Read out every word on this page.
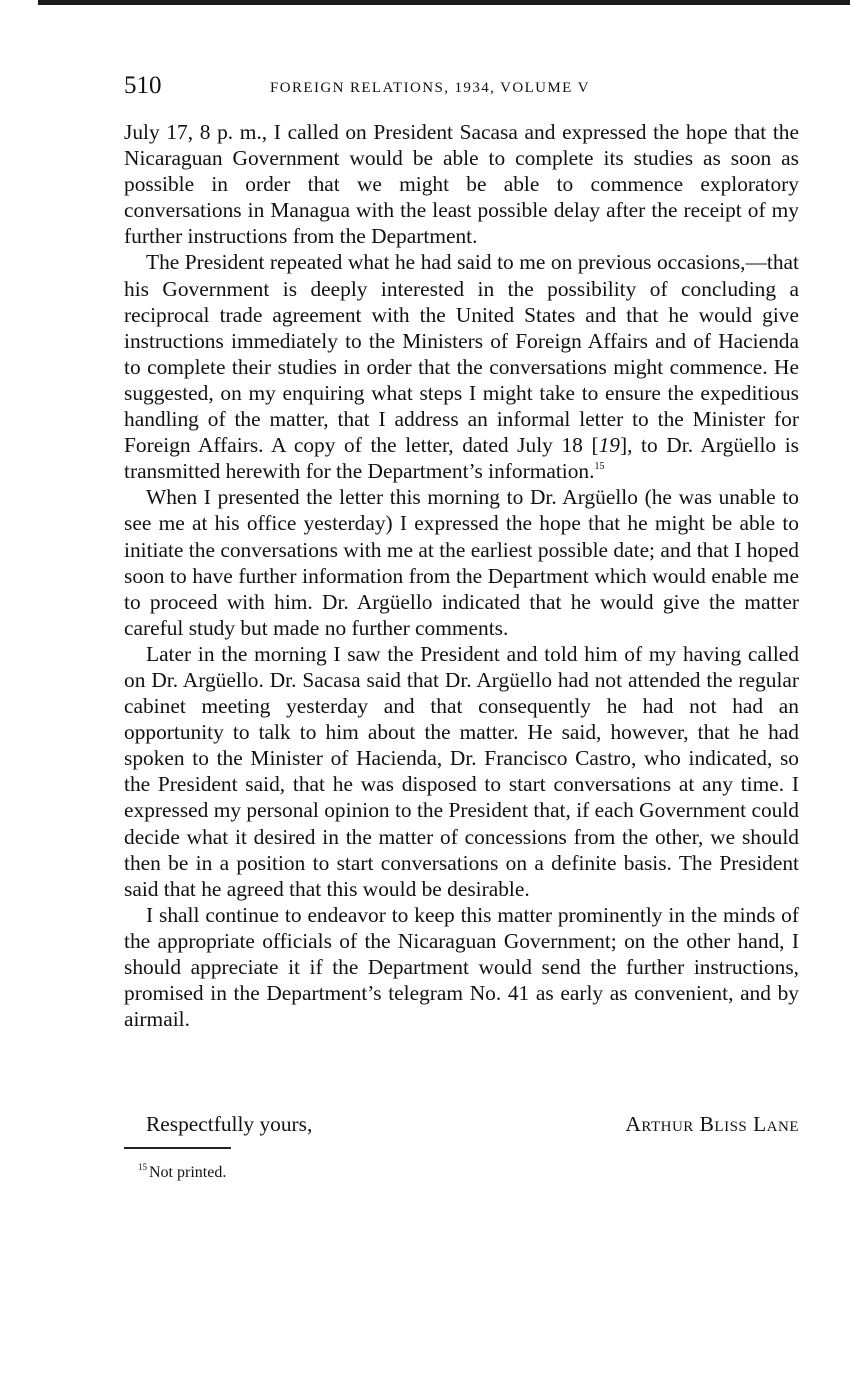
510	FOREIGN RELATIONS, 1934, VOLUME V

July 17, 8 p. m., I called on President Sacasa and expressed the hope that the Nicaraguan Government would be able to complete its studies as soon as possible in order that we might be able to commence exploratory conversations in Managua with the least possible delay after the receipt of my further instructions from the Department.

The President repeated what he had said to me on previous occasions,—that his Government is deeply interested in the possibility of concluding a reciprocal trade agreement with the United States and that he would give instructions immediately to the Ministers of Foreign Affairs and of Hacienda to complete their studies in order that the conversations might commence. He suggested, on my enquiring what steps I might take to ensure the expeditious handling of the matter, that I address an informal letter to the Minister for Foreign Affairs. A copy of the letter, dated July 18 [19], to Dr. Argüello is transmitted herewith for the Department’s information.$^{15}$

When I presented the letter this morning to Dr. Argüello (he was unable to see me at his office yesterday) I expressed the hope that he might be able to initiate the conversations with me at the earliest possible date; and that I hoped soon to have further information from the Department which would enable me to proceed with him. Dr. Argüello indicated that he would give the matter careful study but made no further comments.

Later in the morning I saw the President and told him of my having called on Dr. Argüello. Dr. Sacasa said that Dr. Argüello had not attended the regular cabinet meeting yesterday and that consequently he had not had an opportunity to talk to him about the matter. He said, however, that he had spoken to the Minister of Hacienda, Dr. Francisco Castro, who indicated, so the President said, that he was disposed to start conversations at any time. I expressed my personal opinion to the President that, if each Government could decide what it desired in the matter of concessions from the other, we should then be in a position to start conversations on a definite basis. The President said that he agreed that this would be desirable.

I shall continue to endeavor to keep this matter prominently in the minds of the appropriate officials of the Nicaraguan Government; on the other hand, I should appreciate it if the Department would send the further instructions, promised in the Department’s telegram No. 41 as early as convenient, and by airmail.

Respectfully yours,	Arthur Bliss Lane
$^{15}$ Not printed.
